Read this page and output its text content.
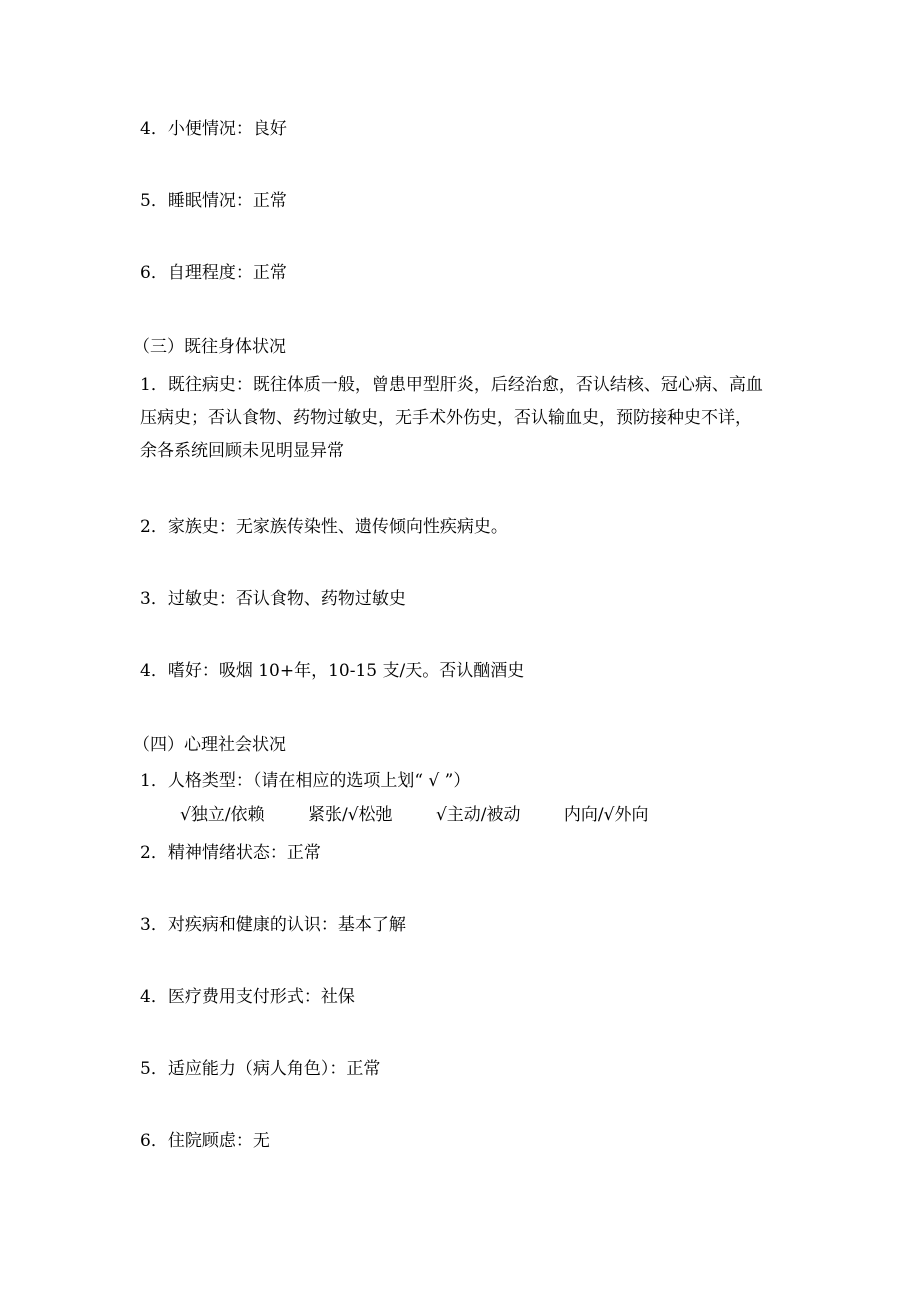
4．小便情况：良好
5．睡眠情况：正常
6．自理程度：正常
（三）既往身体状况
1．既往病史：既往体质一般，曾患甲型肝炎，后经治愈，否认结核、冠心病、高血
压病史；否认食物、药物过敏史，无手术外伤史，否认输血史，预防接种史不详，
余各系统回顾未见明显异常
2．家族史：无家族传染性、遗传倾向性疾病史。
3．过敏史：否认食物、药物过敏史
4．嗜好：吸烟 10+年，10-15 支/天。否认酗酒史
（四）心理社会状况
1．人格类型：（请在相应的选项上划“ √ ”）
√独立/依赖	紧张/√松弛	√主动/被动	内向/√外向
2．精神情绪状态：正常
3．对疾病和健康的认识：基本了解
4．医疗费用支付形式：社保
5．适应能力（病人角色）：正常
6．住院顾虑：无
